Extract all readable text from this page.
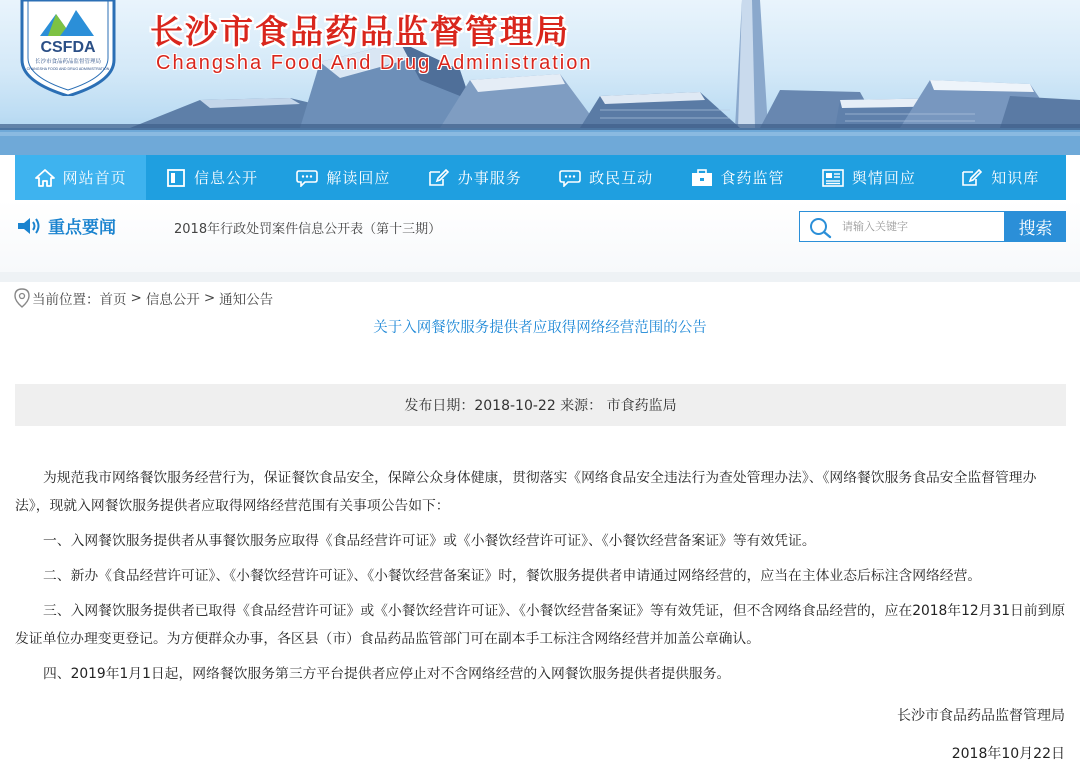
CSFDA
长沙市食品药品监督管理局
CHANGSHA FOOD AND DRUG ADMINISTRATION
长沙市食品药品监督管理局
Changsha Food And Drug Administration
网站首页	信息公开	解读回应	办事服务	政民互动	食药监管	舆情回应	知识库
重点要闻	2018年行政处罚案件信息公开表（第十三期）
请输入关键字	搜索
当前位置： 首页 > 信息公开 > 通知公告
关于入网餐饮服务提供者应取得网络经营范围的公告
发布日期：2018-10-22 来源： 市食药监局

为规范我市网络餐饮服务经营行为，保证餐饮食品安全，保障公众身体健康，贯彻落实《网络食品安全违法行为查处管理办法》、《网络餐饮服务食品安全监督管理办法》，现就入网餐饮服务提供者应取得网络经营范围有关事项公告如下：

一、入网餐饮服务提供者从事餐饮服务应取得《食品经营许可证》或《小餐饮经营许可证》、《小餐饮经营备案证》等有效凭证。

二、新办《食品经营许可证》、《小餐饮经营许可证》、《小餐饮经营备案证》时，餐饮服务提供者申请通过网络经营的，应当在主体业态后标注含网络经营。

三、入网餐饮服务提供者已取得《食品经营许可证》或《小餐饮经营许可证》、《小餐饮经营备案证》等有效凭证，但不含网络食品经营的，应在2018年12月31日前到原发证单位办理变更登记。为方便群众办事，各区县（市）食品药品监管部门可在副本手工标注含网络经营并加盖公章确认。

四、2019年1月1日起，网络餐饮服务第三方平台提供者应停止对不含网络经营的入网餐饮服务提供者提供服务。

长沙市食品药品监督管理局
2018年10月22日
